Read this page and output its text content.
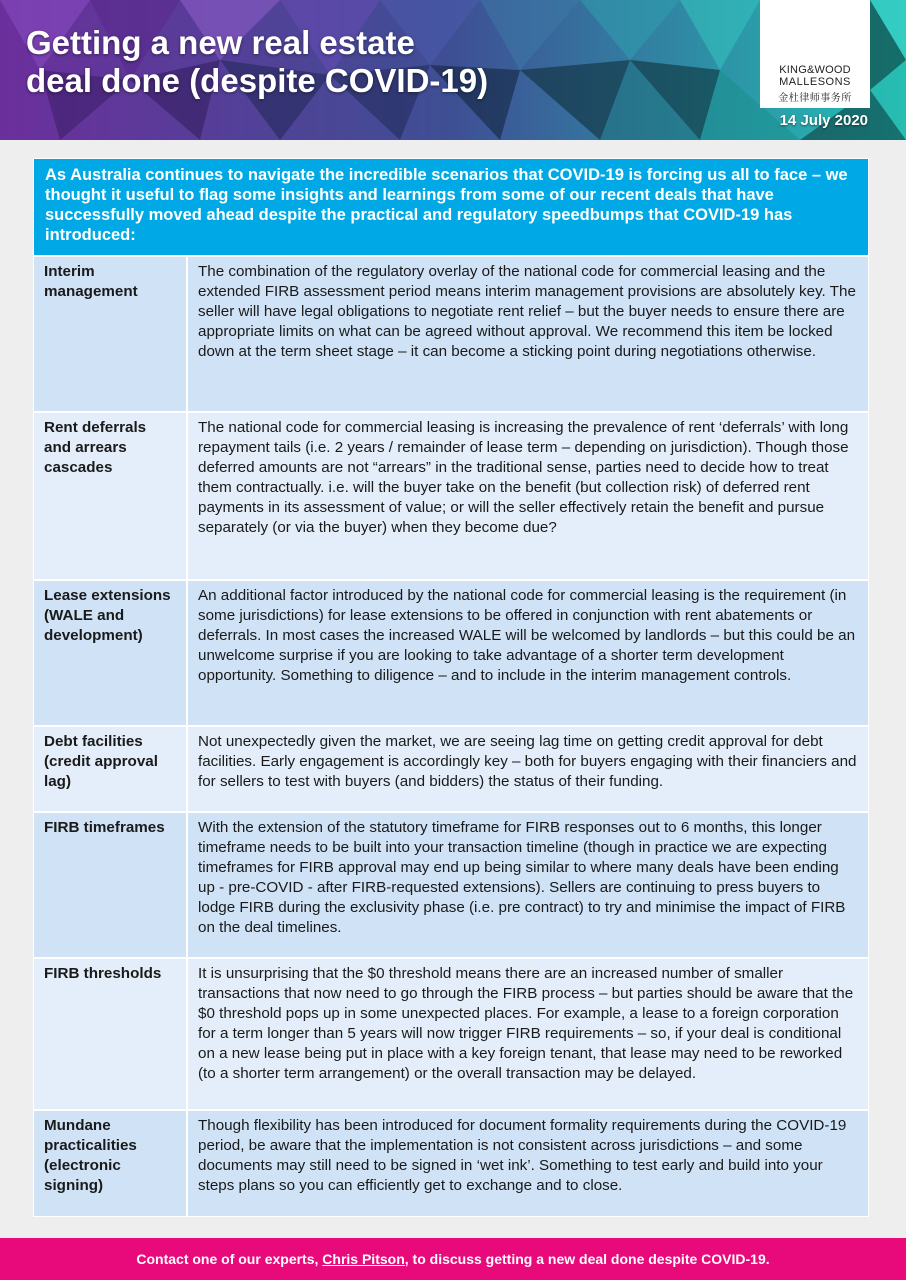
Getting a new real estate
deal done (despite COVID-19)	KING&WOOD
MALLESONS
金杜律师事务所
14 July 2020
As Australia continues to navigate the incredible scenarios that COVID-19 is forcing us all to face – we thought it useful to flag some insights and learnings from some of our recent deals that have successfully moved ahead despite the practical and regulatory speedbumps that COVID-19 has introduced:
Interim management	The combination of the regulatory overlay of the national code for commercial leasing and the extended FIRB assessment period means interim management provisions are absolutely key. The seller will have legal obligations to negotiate rent relief – but the buyer needs to ensure there are appropriate limits on what can be agreed without approval. We recommend this item be locked down at the term sheet stage – it can become a sticking point during negotiations otherwise.
Rent deferrals and arrears cascades	The national code for commercial leasing is increasing the prevalence of rent ‘deferrals’ with long repayment tails (i.e. 2 years / remainder of lease term – depending on jurisdiction). Though those deferred amounts are not “arrears” in the traditional sense, parties need to decide how to treat them contractually. i.e. will the buyer take on the benefit (but collection risk) of deferred rent payments in its assessment of value; or will the seller effectively retain the benefit and pursue separately (or via the buyer) when they become due?
Lease extensions (WALE and development)	An additional factor introduced by the national code for commercial leasing is the requirement (in some jurisdictions) for lease extensions to be offered in conjunction with rent abatements or deferrals. In most cases the increased WALE will be welcomed by landlords – but this could be an unwelcome surprise if you are looking to take advantage of a shorter term development opportunity. Something to diligence – and to include in the interim management controls.
Debt facilities (credit approval lag)	Not unexpectedly given the market, we are seeing lag time on getting credit approval for debt facilities. Early engagement is accordingly key – both for buyers engaging with their financiers and for sellers to test with buyers (and bidders) the status of their funding.
FIRB timeframes	With the extension of the statutory timeframe for FIRB responses out to 6 months, this longer timeframe needs to be built into your transaction timeline (though in practice we are expecting timeframes for FIRB approval may end up being similar to where many deals have been ending up - pre-COVID - after FIRB-requested extensions). Sellers are continuing to press buyers to lodge FIRB during the exclusivity phase (i.e. pre contract) to try and minimise the impact of FIRB on the deal timelines.
FIRB thresholds	It is unsurprising that the $0 threshold means there are an increased number of smaller transactions that now need to go through the FIRB process – but parties should be aware that the $0 threshold pops up in some unexpected places. For example, a lease to a foreign corporation for a term longer than 5 years will now trigger FIRB requirements – so, if your deal is conditional on a new lease being put in place with a key foreign tenant, that lease may need to be reworked (to a shorter term arrangement) or the overall transaction may be delayed.
Mundane practicalities (electronic signing)	Though flexibility has been introduced for document formality requirements during the COVID-19 period, be aware that the implementation is not consistent across jurisdictions – and some documents may still need to be signed in ‘wet ink’. Something to test early and build into your steps plans so you can efficiently get to exchange and to close.
Contact one of our experts, Chris Pitson, to discuss getting a new deal done despite COVID-19.
